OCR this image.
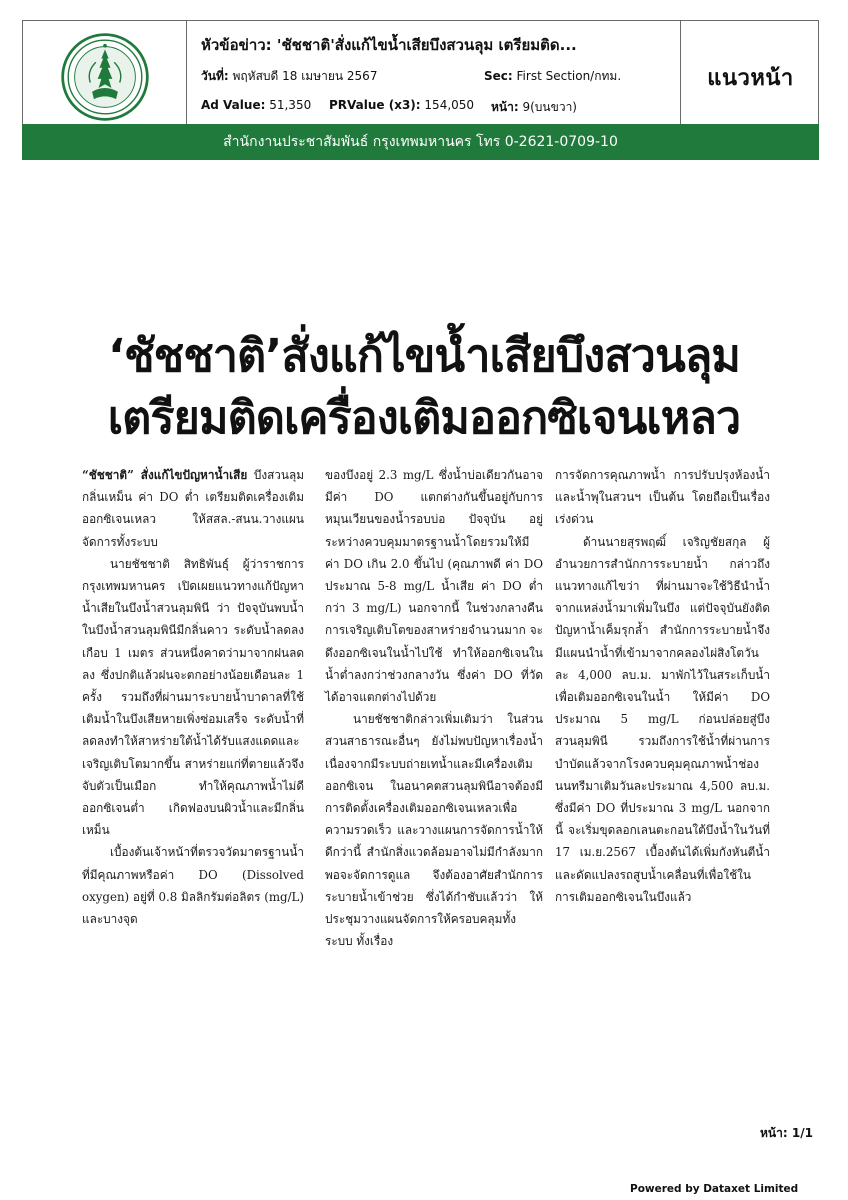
หัวข้อข่าว: 'ชัชชาติ'สั่งแก้ไขน้ำเสียบึงสวนลุม เตรียมติด...
วันที่: พฤหัสบดี 18 เมษายน 2567	Sec: First Section/กทม.
Ad Value: 51,350	PRValue (x3): 154,050	หน้า: 9(บนขวา)
แนวหน้า
สำนักงานประชาสัมพันธ์ กรุงเทพมหานคร โทร 0-2621-0709-10
‘ชัชชาติ’สั่งแก้ไขน้ำเสียบึงสวนลุม
เตรียมติดเครื่องเติมออกซิเจนเหลว

“ชัชชาติ” สั่งแก้ไขปัญหาน้ำเสีย บึงสวนลุม กลิ่นเหม็น ค่า DO ต่ำ เตรียมติดเครื่องเติมออกซิเจนเหลว ให้สสล.-สนน.วางแผนจัดการทั้งระบบ

นายชัชชาติ สิทธิพันธุ์ ผู้ว่าราชการกรุงเทพมหานคร เปิดเผยแนวทางแก้ปัญหาน้ำเสียในบึงน้ำสวนลุมพินี ว่า ปัจจุบันพบน้ำในบึงน้ำสวนลุมพินีมีกลิ่นคาว ระดับน้ำลดลงเกือบ 1 เมตร ส่วนหนึ่งคาดว่ามาจากฝนลดลง ซึ่งปกติแล้วฝนจะตกอย่างน้อยเดือนละ 1 ครั้ง รวมถึงที่ผ่านมาระบายน้ำบาดาลที่ใช้เติมน้ำในบึงเสียหายเพิ่งซ่อมเสร็จ ระดับน้ำที่ลดลงทำให้สาหร่ายใต้น้ำได้รับแสงแดดและเจริญเติบโตมากขึ้น สาหร่ายแก่ที่ตายแล้วจึงจับตัวเป็นเมือก ทำให้คุณภาพน้ำไม่ดี ออกซิเจนต่ำ เกิดฟองบนผิวน้ำและมีกลิ่นเหม็น

เบื้องต้นเจ้าหน้าที่ตรวจวัดมาตรฐานน้ำที่มีคุณภาพหรือค่า DO (Dissolved oxygen) อยู่ที่ 0.8 มิลลิกรัมต่อลิตร (mg/L) และบางจุด

ของบึงอยู่ 2.3 mg/L ซึ่งน้ำบ่อเดียวกันอาจมีค่า DO แตกต่างกันขึ้นอยู่กับการหมุนเวียนของน้ำรอบบ่อ ปัจจุบัน อยู่ระหว่างควบคุมมาตรฐานน้ำโดยรวมให้มีค่า DO เกิน 2.0 ขึ้นไป (คุณภาพดี ค่า DO ประมาณ 5-8 mg/L น้ำเสีย ค่า DO ต่ำกว่า 3 mg/L) นอกจากนี้ ในช่วงกลางคืนการเจริญเติบโตของสาหร่ายจำนวนมาก จะดึงออกซิเจนในน้ำไปใช้ ทำให้ออกซิเจนในน้ำต่ำลงกว่าช่วงกลางวัน ซึ่งค่า DO ที่วัดได้อาจแตกต่างไปด้วย

นายชัชชาติกล่าวเพิ่มเติมว่า ในส่วนสวนสาธารณะอื่นๆ ยังไม่พบปัญหาเรื่องน้ำ เนื่องจากมีระบบถ่ายเทน้ำและมีเครื่องเติมออกซิเจน ในอนาคตสวนลุมพินีอาจต้องมีการติดตั้งเครื่องเติมออกซิเจนเหลวเพื่อความรวดเร็ว และวางแผนการจัดการน้ำให้ดีกว่านี้ สำนักสิ่งแวดล้อมอาจไม่มีกำลังมากพอจะจัดการดูแล จึงต้องอาศัยสำนักการระบายน้ำเข้าช่วย ซึ่งได้กำชับแล้วว่า ให้ประชุมวางแผนจัดการให้ครอบคลุมทั้งระบบ ทั้งเรื่อง

การจัดการคุณภาพน้ำ การปรับปรุงห้องน้ำ และน้ำพุในสวนฯ เป็นต้น โดยถือเป็นเรื่องเร่งด่วน

ด้านนายสุรพฤฒิ์ เจริญชัยสกุล ผู้อำนวยการสำนักการระบายน้ำ กล่าวถึงแนวทางแก้ไขว่า ที่ผ่านมาจะใช้วิธีนำน้ำจากแหล่งน้ำมาเพิ่มในบึง แต่ปัจจุบันยังติดปัญหาน้ำเค็มรุกล้ำ สำนักการระบายน้ำจึงมีแผนนำน้ำที่เข้ามาจากคลองไผ่สิงโตวันละ 4,000 ลบ.ม. มาพักไว้ในสระเก็บน้ำเพื่อเติมออกซิเจนในน้ำ ให้มีค่า DO ประมาณ 5 mg/L ก่อนปล่อยสู่บึงสวนลุมพินี รวมถึงการใช้น้ำที่ผ่านการบำบัดแล้วจากโรงควบคุมคุณภาพน้ำช่องนนทรีมาเติมวันละประมาณ 4,500 ลบ.ม. ซึ่งมีค่า DO ที่ประมาณ 3 mg/L นอกจากนี้ จะเริ่มขุดลอกเลนตะกอนใต้บึงน้ำในวันที่ 17 เม.ย.2567 เบื้องต้นได้เพิ่มกังหันตีน้ำและดัดแปลงรถสูบน้ำเคลื่อนที่เพื่อใช้ในการเติมออกซิเจนในบึงแล้ว

หน้า: 1/1
Powered by Dataxet Limited
